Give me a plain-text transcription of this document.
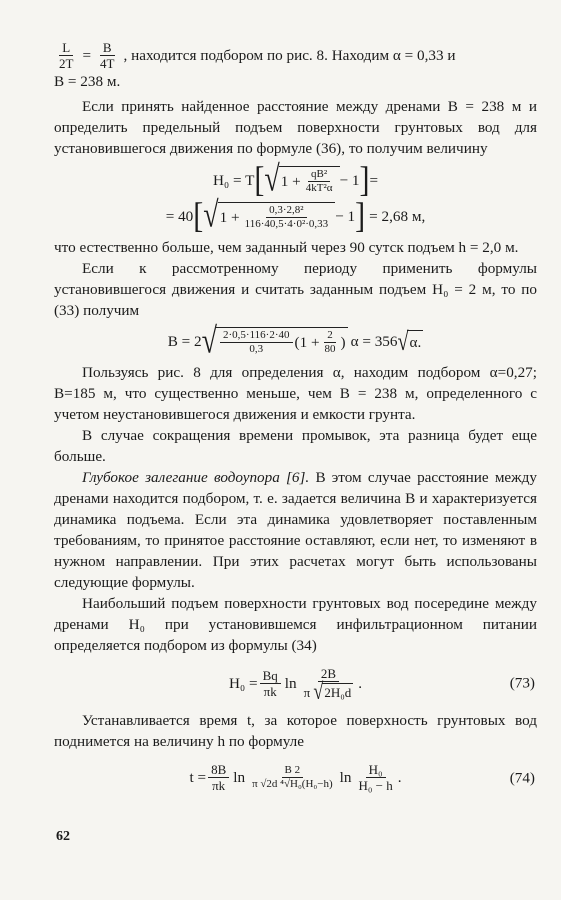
$\frac{L}{2T} = \frac{B}{4T}$ , находится подбором по рис. 8. Находим α = 0,33 и

B = 238 м.

Если принять найденное расстояние между дренами B = 238 м и определить предельный подъем поверхности грунтовых вод для установившегося движения по формуле (36), то получим величину

H₀ = T [ √ $1 + \frac{\text{qB²}}{\text{4kT²α}} - 1$ ] =
= 40 [ √ $1 + \frac{\text{0,3·2,8²}}{\text{116·40,5·4·0²·0,33}} - 1$ ] = 2,68 м,

что естественно больше, чем заданный через 90 сутск подъем h = 2,0 м.

Если к рассмотренному периоду применить формулы установившегося движения и считать заданным подъем H₀ = 2 м, то по (33) получим

B = 2 √ $\frac{2\cdot 0,5\cdot 116\cdot 2\cdot 40}{0,3} (1 + \frac{2}{80}$ ) α = 356 √ α.

Пользуясь рис. 8 для определения α, находим подбором α=0,27; B=185 м, что существенно меньше, чем B = 238 м, определенного с учетом неустановившегося движения и емкости грунта.

В случае сокращения времени промывок, эта разница будет еще больше.

Глубокое залегание водоупора [6]. В этом случае расстояние между дренами находится подбором, т. е. задается величина B и характеризуется динамика подъема. Если эта динамика удовлетворяет поставленным требованиям, то принятое расстояние оставляют, если нет, то изменяют в нужном направлении. При этих расчетах могут быть использованы следующие формулы.

Наибольший подъем поверхности грунтовых вод посередине между дренами H₀ при установившемся инфильтрационном питании определяется подбором из формулы (34)

$H_0 = \frac{Bq}{\pi k}$ $\ln \frac{2B}{\text{π √ 2H₀d}}$ .	(73)

Устанавливается время t, за которое поверхность грунтовых вод поднимется на величину h по формуле

$t = \frac{8B}{\pi k}$ $\ln \frac{B 2}{\text{π √2d ⁴√H₀(H₀−h)}}$ $\ln \frac{\text{H₀}}{\text{H₀ − h}}$ .	(74)
62
